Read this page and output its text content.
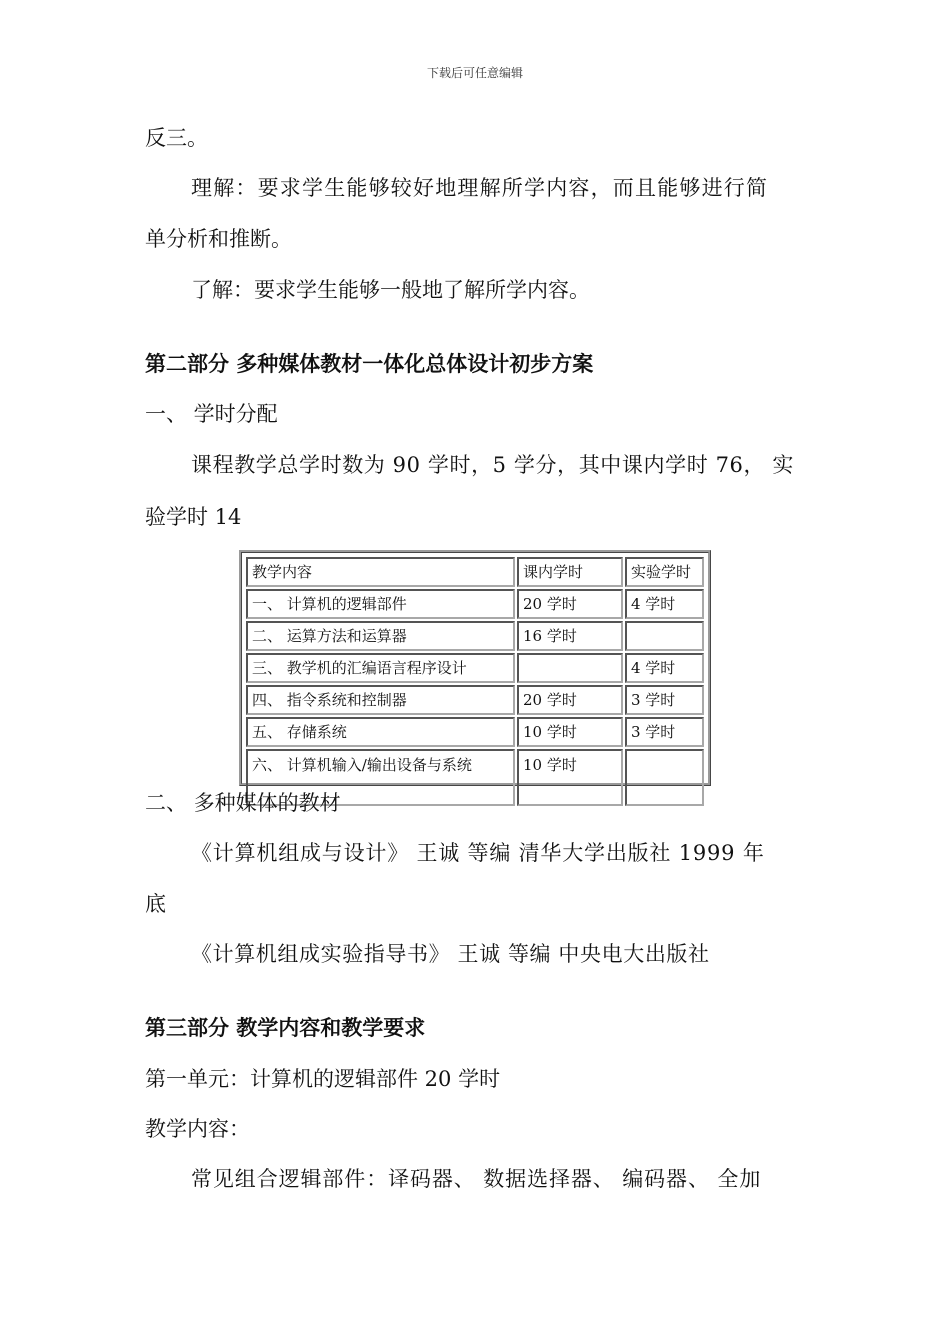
下载后可任意编辑
反三。
理解：要求学生能够较好地理解所学内容，而且能够进行简
单分析和推断。
了解：要求学生能够一般地了解所学内容。
第二部分 多种媒体教材一体化总体设计初步方案
一、 学时分配
课程教学总学时数为 90 学时，5 学分，其中课内学时 76， 实
验学时 14
教学内容	课内学时	实验学时
一、 计算机的逻辑部件	20 学时	4 学时
二、 运算方法和运算器	16 学时	
三、 教学机的汇编语言程序设计		4 学时
四、 指令系统和控制器	20 学时	3 学时
五、 存储系统	10 学时	3 学时
六、 计算机输入/输出设备与系统	10 学时	
二、 多种媒体的教材
《计算机组成与设计》 王诚 等编 清华大学出版社 1999 年
底
《计算机组成实验指导书》 王诚 等编 中央电大出版社
第三部分 教学内容和教学要求
第一单元：计算机的逻辑部件 20 学时
教学内容：
常见组合逻辑部件：译码器、 数据选择器、 编码器、 全加
